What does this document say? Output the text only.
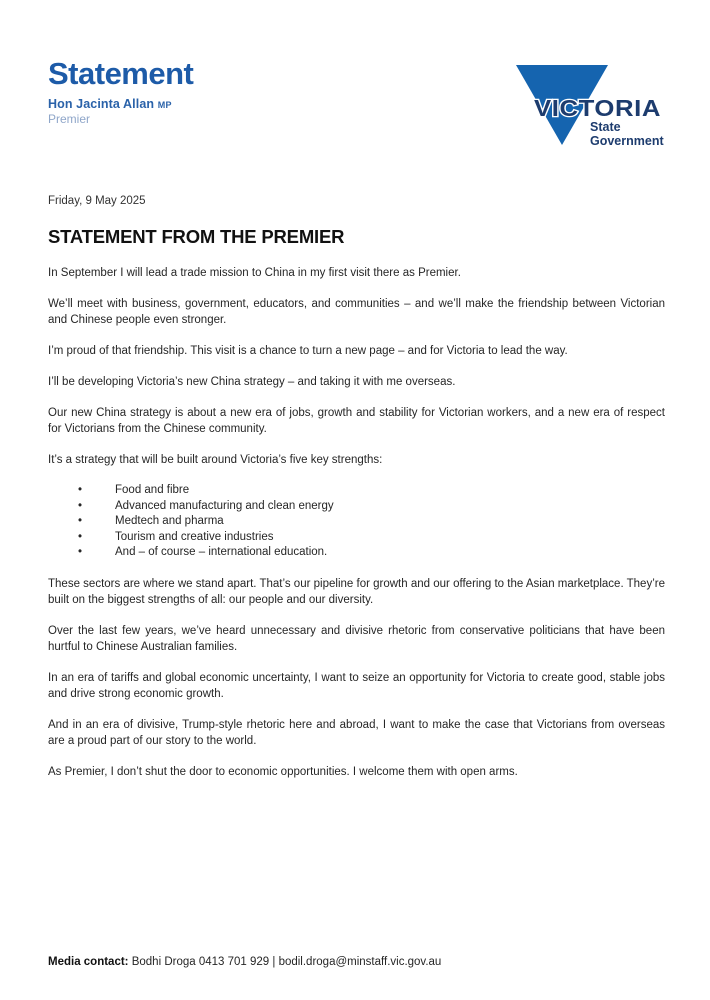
Statement
Hon Jacinta Allan MP
Premier	VICTORIA
State
Government

Friday, 9 May 2025

STATEMENT FROM THE PREMIER

In September I will lead a trade mission to China in my first visit there as Premier.

We’ll meet with business, government, educators, and communities – and we’ll make the friendship between Victorian and Chinese people even stronger.

I’m proud of that friendship. This visit is a chance to turn a new page – and for Victoria to lead the way.

I’ll be developing Victoria’s new China strategy – and taking it with me overseas.

Our new China strategy is about a new era of jobs, growth and stability for Victorian workers, and a new era of respect for Victorians from the Chinese community.

It’s a strategy that will be built around Victoria’s five key strengths:

• Food and fibre
• Advanced manufacturing and clean energy
• Medtech and pharma
• Tourism and creative industries
• And – of course – international education.

These sectors are where we stand apart. That’s our pipeline for growth and our offering to the Asian marketplace. They’re built on the biggest strengths of all: our people and our diversity.

Over the last few years, we’ve heard unnecessary and divisive rhetoric from conservative politicians that have been hurtful to Chinese Australian families.

In an era of tariffs and global economic uncertainty, I want to seize an opportunity for Victoria to create good, stable jobs and drive strong economic growth.

And in an era of divisive, Trump-style rhetoric here and abroad, I want to make the case that Victorians from overseas are a proud part of our story to the world.

As Premier, I don’t shut the door to economic opportunities. I welcome them with open arms.

Media contact: Bodhi Droga 0413 701 929 | bodil.droga@minstaff.vic.gov.au
